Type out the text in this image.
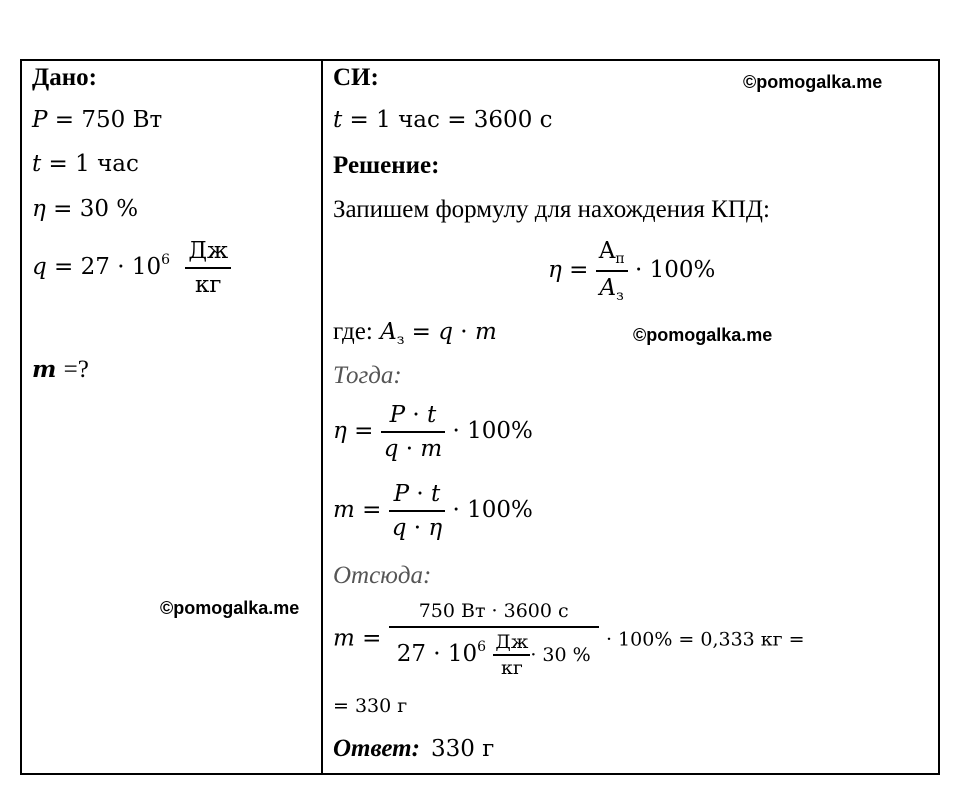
©pomogalka.me
©pomogalka.me
©pomogalka.me
Дано:
P = 750 Вт
t = 1 час
η = 30 %
$q = 27 \cdot 10^6 \frac{Дж}{кг}$
m =?
СИ:
t = 1 час = 3600 с
Решение:
Запишем формулу для нахождения КПД:
$\eta = \frac{A_п}{A_з} \cdot 100\%$
где: $A_з = q \cdot m$
Тогда:
$\eta = \frac{P \cdot t}{q \cdot m} \cdot 100\%$
$m = \frac{P \cdot t}{q \cdot \eta} \cdot 100\%$
Отсюда:
$m = \frac{750 Вт \cdot 3600 с}{27 \cdot 10^6 \frac{Дж}{кг} \cdot 30 \%} \cdot 100\% = 0,333$ кг =
= 330 г
Ответ: 330 г
